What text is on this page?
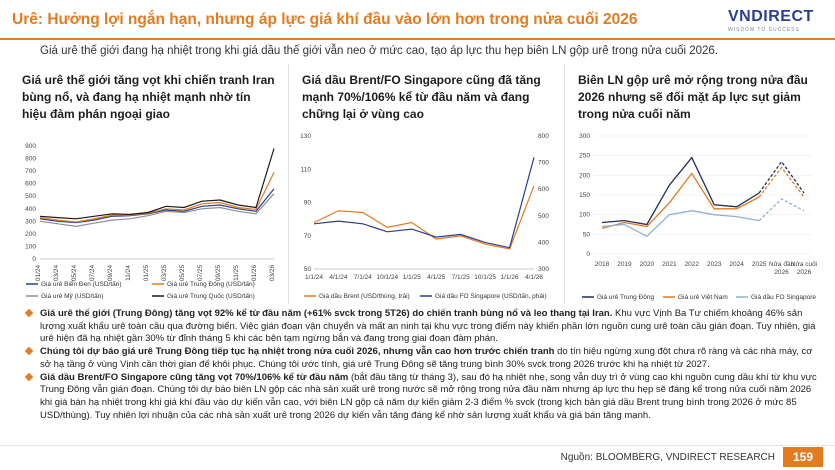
Urê: Hưởng lợi ngắn hạn, nhưng áp lực giá khí đầu vào lớn hơn trong nửa cuối 2026	VNDIRECT
WISDOM TO SUCCESS
Giá urê thế giới đang hạ nhiệt trong khi giá dầu thế giới vẫn neo ở mức cao, tạo áp lực thu hẹp biên LN gộp urê trong nửa cuối 2026.
Giá urê thế giới tăng vọt khi chiến tranh Iran bùng nổ, và đang hạ nhiệt mạnh nhờ tín hiệu đàm phán ngoại giao
0
100
200
300
400
500
600
700
800
900
01/24 03/24 05/24 07/24 09/24 11/24 01/25 03/25 05/25 07/25 09/25 11/25 01/26 03/26
Giá urê Biển Đen (USD/tấn)	Giá urê Trung Đông (USD/tấn)
Giá urê Mỹ (USD/tấn)	Giá urê Trung Quốc (USD/tấn)
Giá dầu Brent/FO Singapore cũng đã tăng mạnh 70%/106% kể từ đầu năm và đang chững lại ở vùng cao
50
70
90
110
130
300
400
500
600
700
800
1/1/24 4/1/24 7/1/24 10/1/24 1/1/25 4/1/25 7/1/25 10/1/25 1/1/26 4/1/26
Giá dầu Brent (USD/thùng, trái)	Giá dầu FO Singapore (USD/tấn, phải)
Biên LN gộp urê mở rộng trong nửa đầu 2026 nhưng sẽ đối mặt áp lực sụt giảm trong nửa cuối năm
0
50
100
150
200
250
300
2018 2019 2020 2021 2022 2023 2024 2025 Nửa đầu
2026
Nửa cuối
2026
Giá urê Trung Đông	Giá urê Việt Nam	Giá dầu FO Singapore
Giá urê thế giới (Trung Đông) tăng vọt 92% kể từ đầu năm (+61% svck trong 5T26) do chiến tranh bùng nổ và leo thang tại Iran. Khu vực Vịnh Ba Tư chiếm khoảng 46% sản lượng xuất khẩu urê toàn cầu qua đường biển. Việc gián đoạn vận chuyển và mất an ninh tại khu vực trong điểm này khiến phần lớn nguồn cung urê toàn cầu gián đoạn. Tuy nhiên, giá urê hiện đã hạ nhiệt gần 30% từ đỉnh tháng 5 khi các bên tạm ngừng bắn và đang trong giai đoạn đàm phán.
Chúng tôi dự báo giá urê Trung Đông tiếp tục hạ nhiệt trong nửa cuối 2026, nhưng vẫn cao hơn trước chiến tranh do tín hiệu ngừng xung đột chưa rõ ràng và các nhà máy, cơ sở hạ tầng ở vùng Vịnh cần thời gian để khôi phục. Chúng tôi ước tính, giá urê Trung Đông sẽ tăng trung bình 30% svck trong 2026 trước khi hạ nhiệt từ 2027.
Giá dầu Brent/FO Singapore cũng tăng vọt 70%/106% kể từ đầu năm (bắt đầu tăng từ tháng 3), sau đó hạ nhiệt nhẹ, song vẫn duy trì ở vùng cao khi nguồn cung dầu khí từ khu vực Trung Đông vẫn gián đoạn. Chúng tôi dự báo biên LN gộp các nhà sản xuất urê trong nước sẽ mở rộng trong nửa đầu năm nhưng áp lực thu hẹp sẽ đáng kể trong nửa cuối năm 2026 khi giá bán hạ nhiệt trong khi giá khí đầu vào dự kiến vẫn cao, với biên LN gộp cả năm dự kiến giảm 2-3 điểm % svck (trong kịch bản giá dầu Brent trung bình trong 2026 ở mức 85 USD/thùng). Tuy nhiên lợi nhuận của các nhà sản xuất urê trong 2026 dự kiến vẫn tăng đáng kể nhờ sản lượng xuất khẩu và giá bán tăng mạnh.
Nguồn: BLOOMBERG, VNDIRECT RESEARCH	159
